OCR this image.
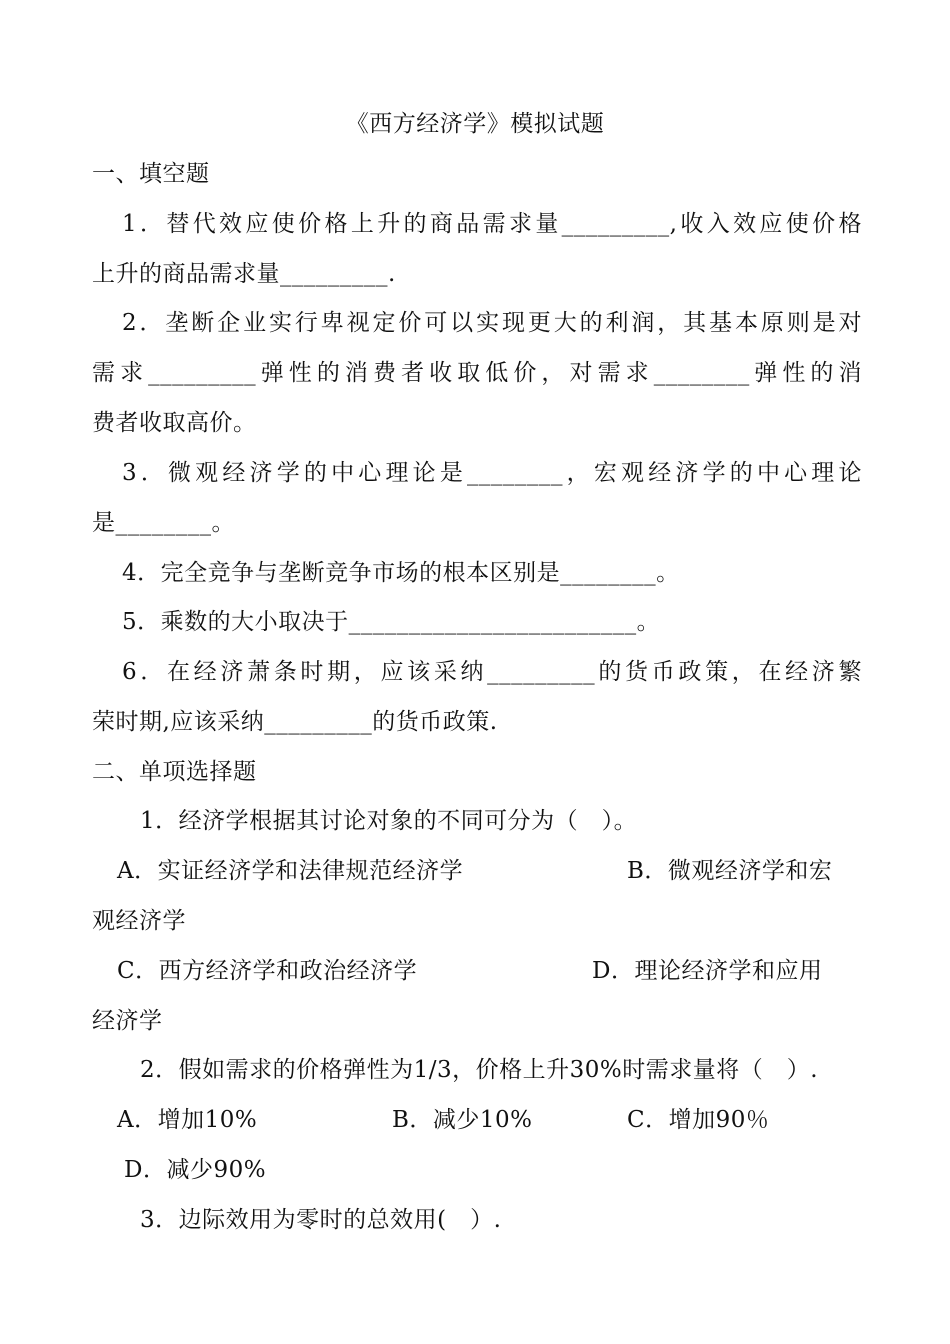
《西方经济学》模拟试题
一、填空题
1．替代效应使价格上升的商品需求量_________,收入效应使价格
上升的商品需求量_________.
2．垄断企业实行卑视定价可以实现更大的利润，其基本原则是对
需求_________弹性的消费者收取低价，对需求________弹性的消
费者收取高价。
3．微观经济学的中心理论是________，宏观经济学的中心理论
是________。
4．完全竞争与垄断竞争市场的根本区别是________。
5．乘数的大小取决于________________________。
6．在经济萧条时期，应该采纳_________的货币政策，在经济繁
荣时期,应该采纳_________的货币政策.
二、单项选择题
1．经济学根据其讨论对象的不同可分为（　）。
A．实证经济学和法律规范经济学	B．微观经济学和宏
观经济学
C．西方经济学和政治经济学	D．理论经济学和应用
经济学
2．假如需求的价格弹性为1/3，价格上升30%时需求量将（　）.
A．增加10%	B．减少10%	C．增加90％
D．减少90%
3．边际效用为零时的总效用(　）.
